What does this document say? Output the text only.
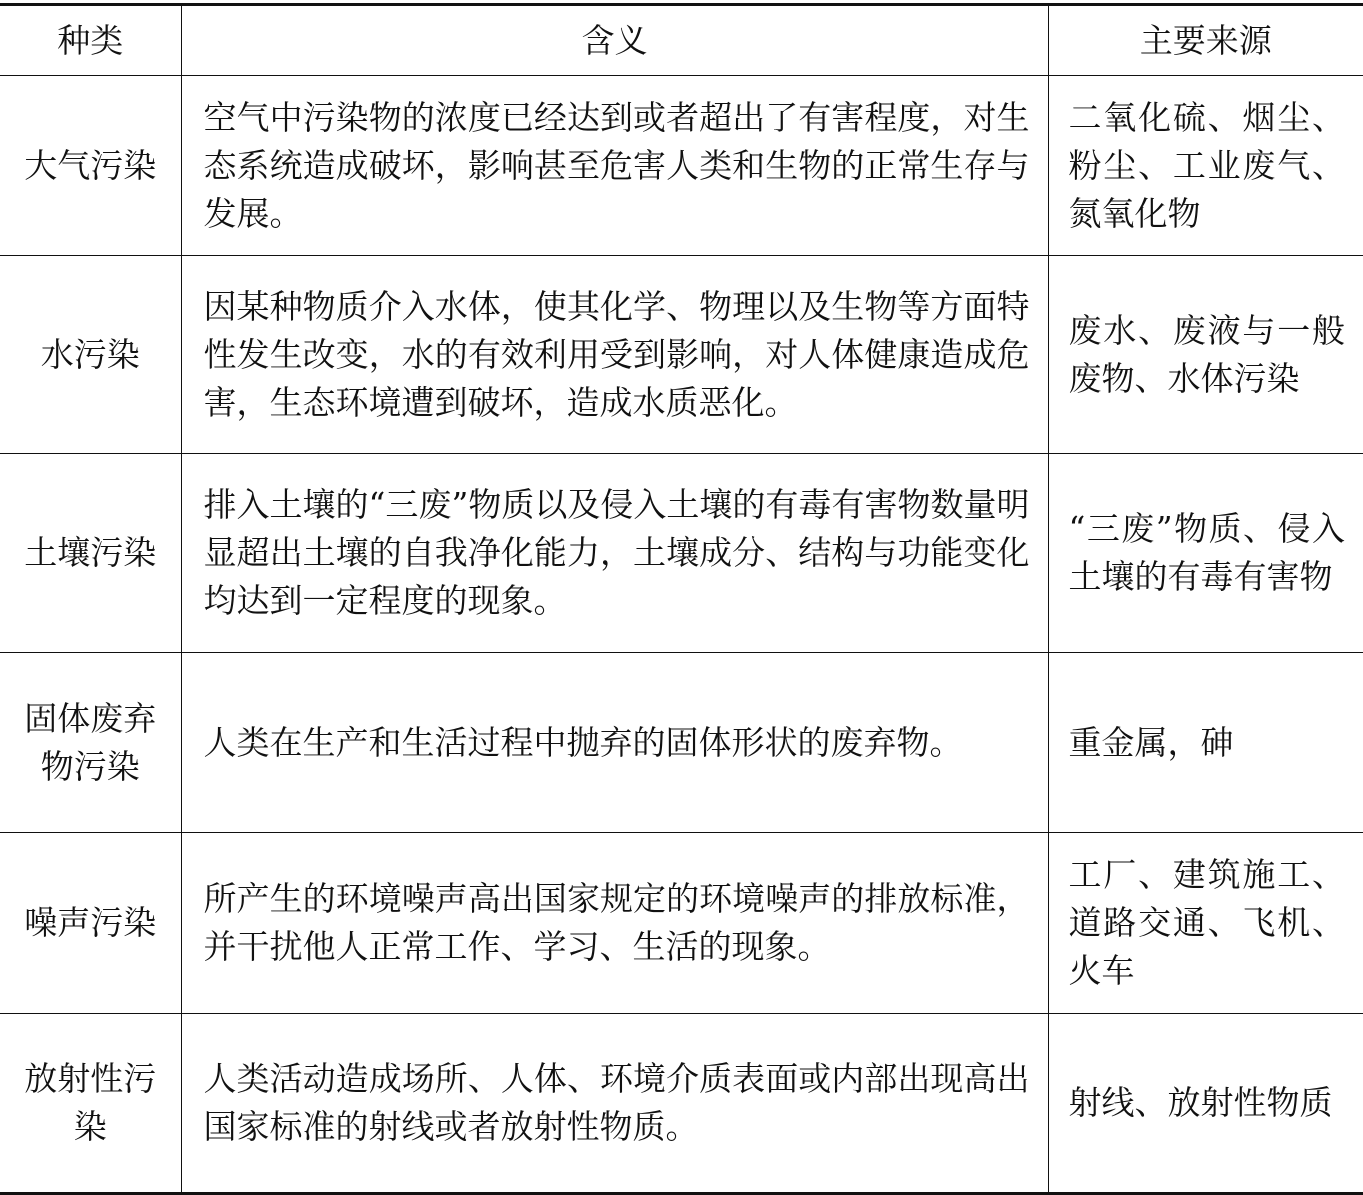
种类	含义	主要来源
大气污染	空气中污染物的浓度已经达到或者超出了有害程度，对生态系统造成破坏，影响甚至危害人类和生物的正常生存与发展。	二氧化硫、烟尘、粉尘、工业废气、氮氧化物
水污染	因某种物质介入水体，使其化学、物理以及生物等方面特性发生改变，水的有效利用受到影响，对人体健康造成危害，生态环境遭到破坏，造成水质恶化。	废水、废液与一般废物、水体污染
土壤污染	排入土壤的“三废”物质以及侵入土壤的有毒有害物数量明显超出土壤的自我净化能力，土壤成分、结构与功能变化均达到一定程度的现象。	“三废”物质、侵入土壤的有毒有害物
固体废弃物污染	人类在生产和生活过程中抛弃的固体形状的废弃物。	重金属，砷
噪声污染	所产生的环境噪声高出国家规定的环境噪声的排放标准，并干扰他人正常工作、学习、生活的现象。	工厂、建筑施工、道路交通、飞机、火车
放射性污染	人类活动造成场所、人体、环境介质表面或内部出现高出国家标准的射线或者放射性物质。	射线、放射性物质
